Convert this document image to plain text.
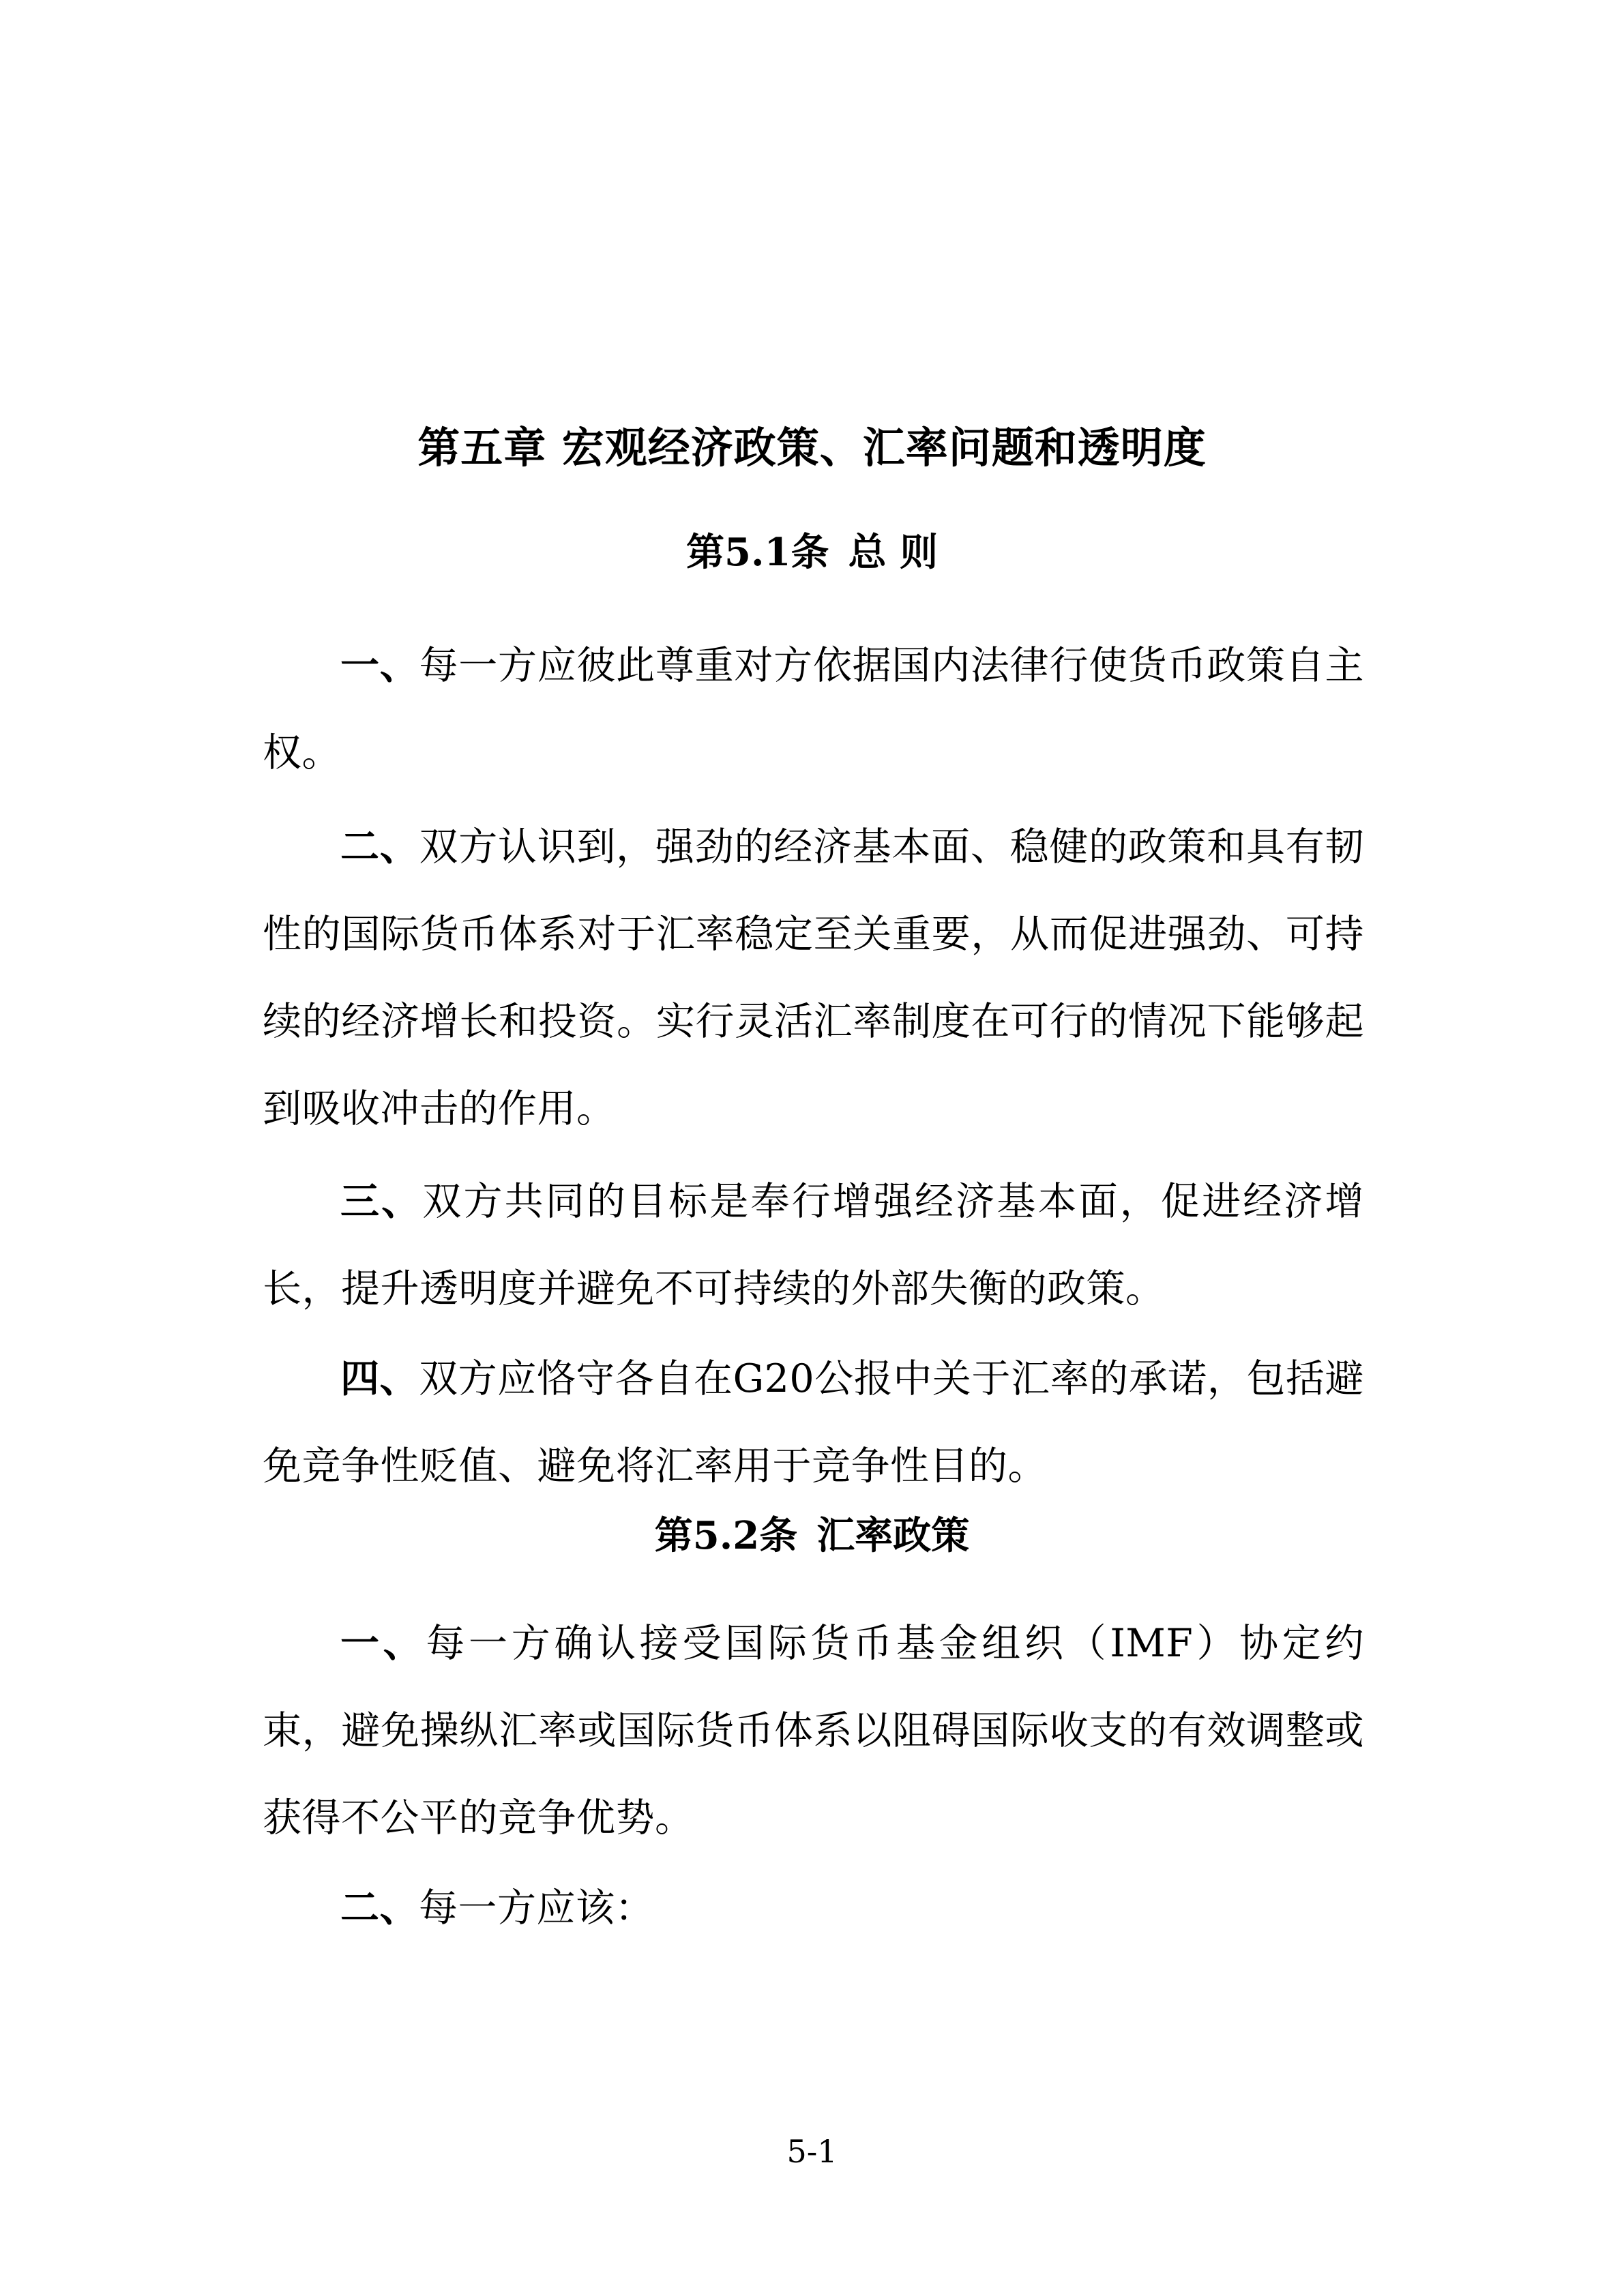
第五章 宏观经济政策、汇率问题和透明度
第5.1条 总 则

一、每一方应彼此尊重对方依据国内法律行使货币政策自主权。

二、双方认识到，强劲的经济基本面、稳健的政策和具有韧性的国际货币体系对于汇率稳定至关重要，从而促进强劲、可持续的经济增长和投资。实行灵活汇率制度在可行的情况下能够起到吸收冲击的作用。

三、双方共同的目标是奉行增强经济基本面，促进经济增长，提升透明度并避免不可持续的外部失衡的政策。

四、双方应恪守各自在G20公报中关于汇率的承诺，包括避免竞争性贬值、避免将汇率用于竞争性目的。

第5.2条 汇率政策

一、每一方确认接受国际货币基金组织（IMF）协定约束，避免操纵汇率或国际货币体系以阻碍国际收支的有效调整或获得不公平的竞争优势。

二、每一方应该：

5-1
